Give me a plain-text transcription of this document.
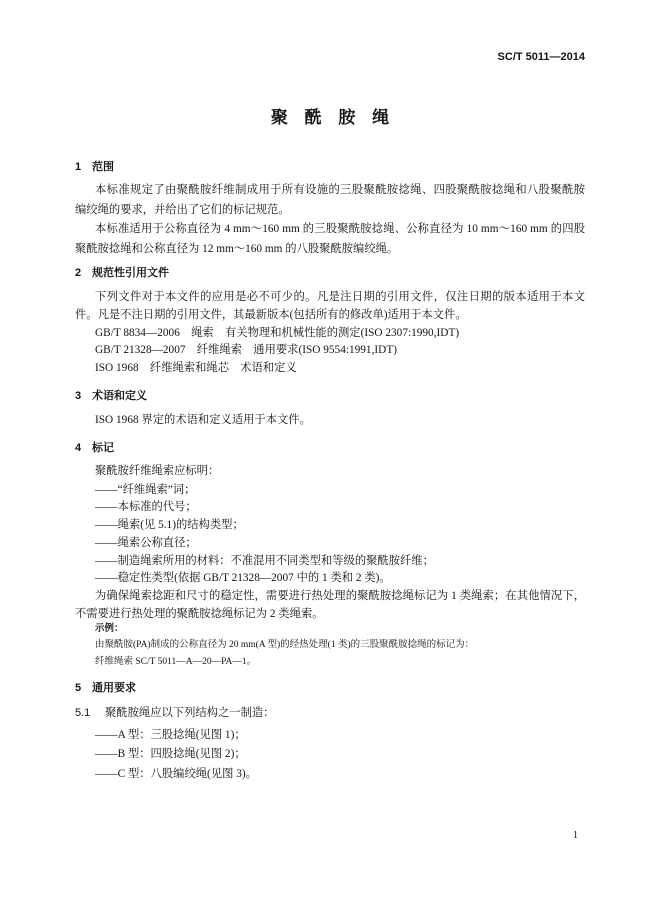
SC/T 5011—2014
聚 酰 胺 绳
1 范围
本标准规定了由聚酰胺纤维制成用于所有设施的三股聚酰胺捻绳、四股聚酰胺捻绳和八股聚酰胺
编绞绳的要求，并给出了它们的标记规范。
本标准适用于公称直径为 4 mm～160 mm 的三股聚酰胺捻绳、公称直径为 10 mm～160 mm 的四股
聚酰胺捻绳和公称直径为 12 mm～160 mm 的八股聚酰胺编绞绳。
2 规范性引用文件
下列文件对于本文件的应用是必不可少的。凡是注日期的引用文件，仅注日期的版本适用于本文
件。凡是不注日期的引用文件，其最新版本(包括所有的修改单)适用于本文件。
GB/T 8834—2006　绳索　有关物理和机械性能的测定(ISO 2307:1990,IDT)
GB/T 21328—2007　纤维绳索　通用要求(ISO 9554:1991,IDT)
ISO 1968　纤维绳索和绳芯　术语和定义
3 术语和定义
ISO 1968 界定的术语和定义适用于本文件。
4 标记
聚酰胺纤维绳索应标明：
——“纤维绳索”词；
——本标准的代号；
——绳索(见 5.1)的结构类型；
——绳索公称直径；
——制造绳索所用的材料：不准混用不同类型和等级的聚酰胺纤维；
——稳定性类型(依据 GB/T 21328—2007 中的 1 类和 2 类)。
为确保绳索捻距和尺寸的稳定性，需要进行热处理的聚酰胺捻绳标记为 1 类绳索；在其他情况下，
不需要进行热处理的聚酰胺捻绳标记为 2 类绳索。
示例：
由聚酰胺(PA)制成的公称直径为 20 mm(A 型)的经热处理(1 类)的三股聚酰胺捻绳的标记为：
纤维绳索 SC/T 5011—A—20—PA—1。
5 通用要求
5.1 聚酰胺绳应以下列结构之一制造：
——A 型：三股捻绳(见图 1)；
——B 型：四股捻绳(见图 2)；
——C 型：八股编绞绳(见图 3)。
1
